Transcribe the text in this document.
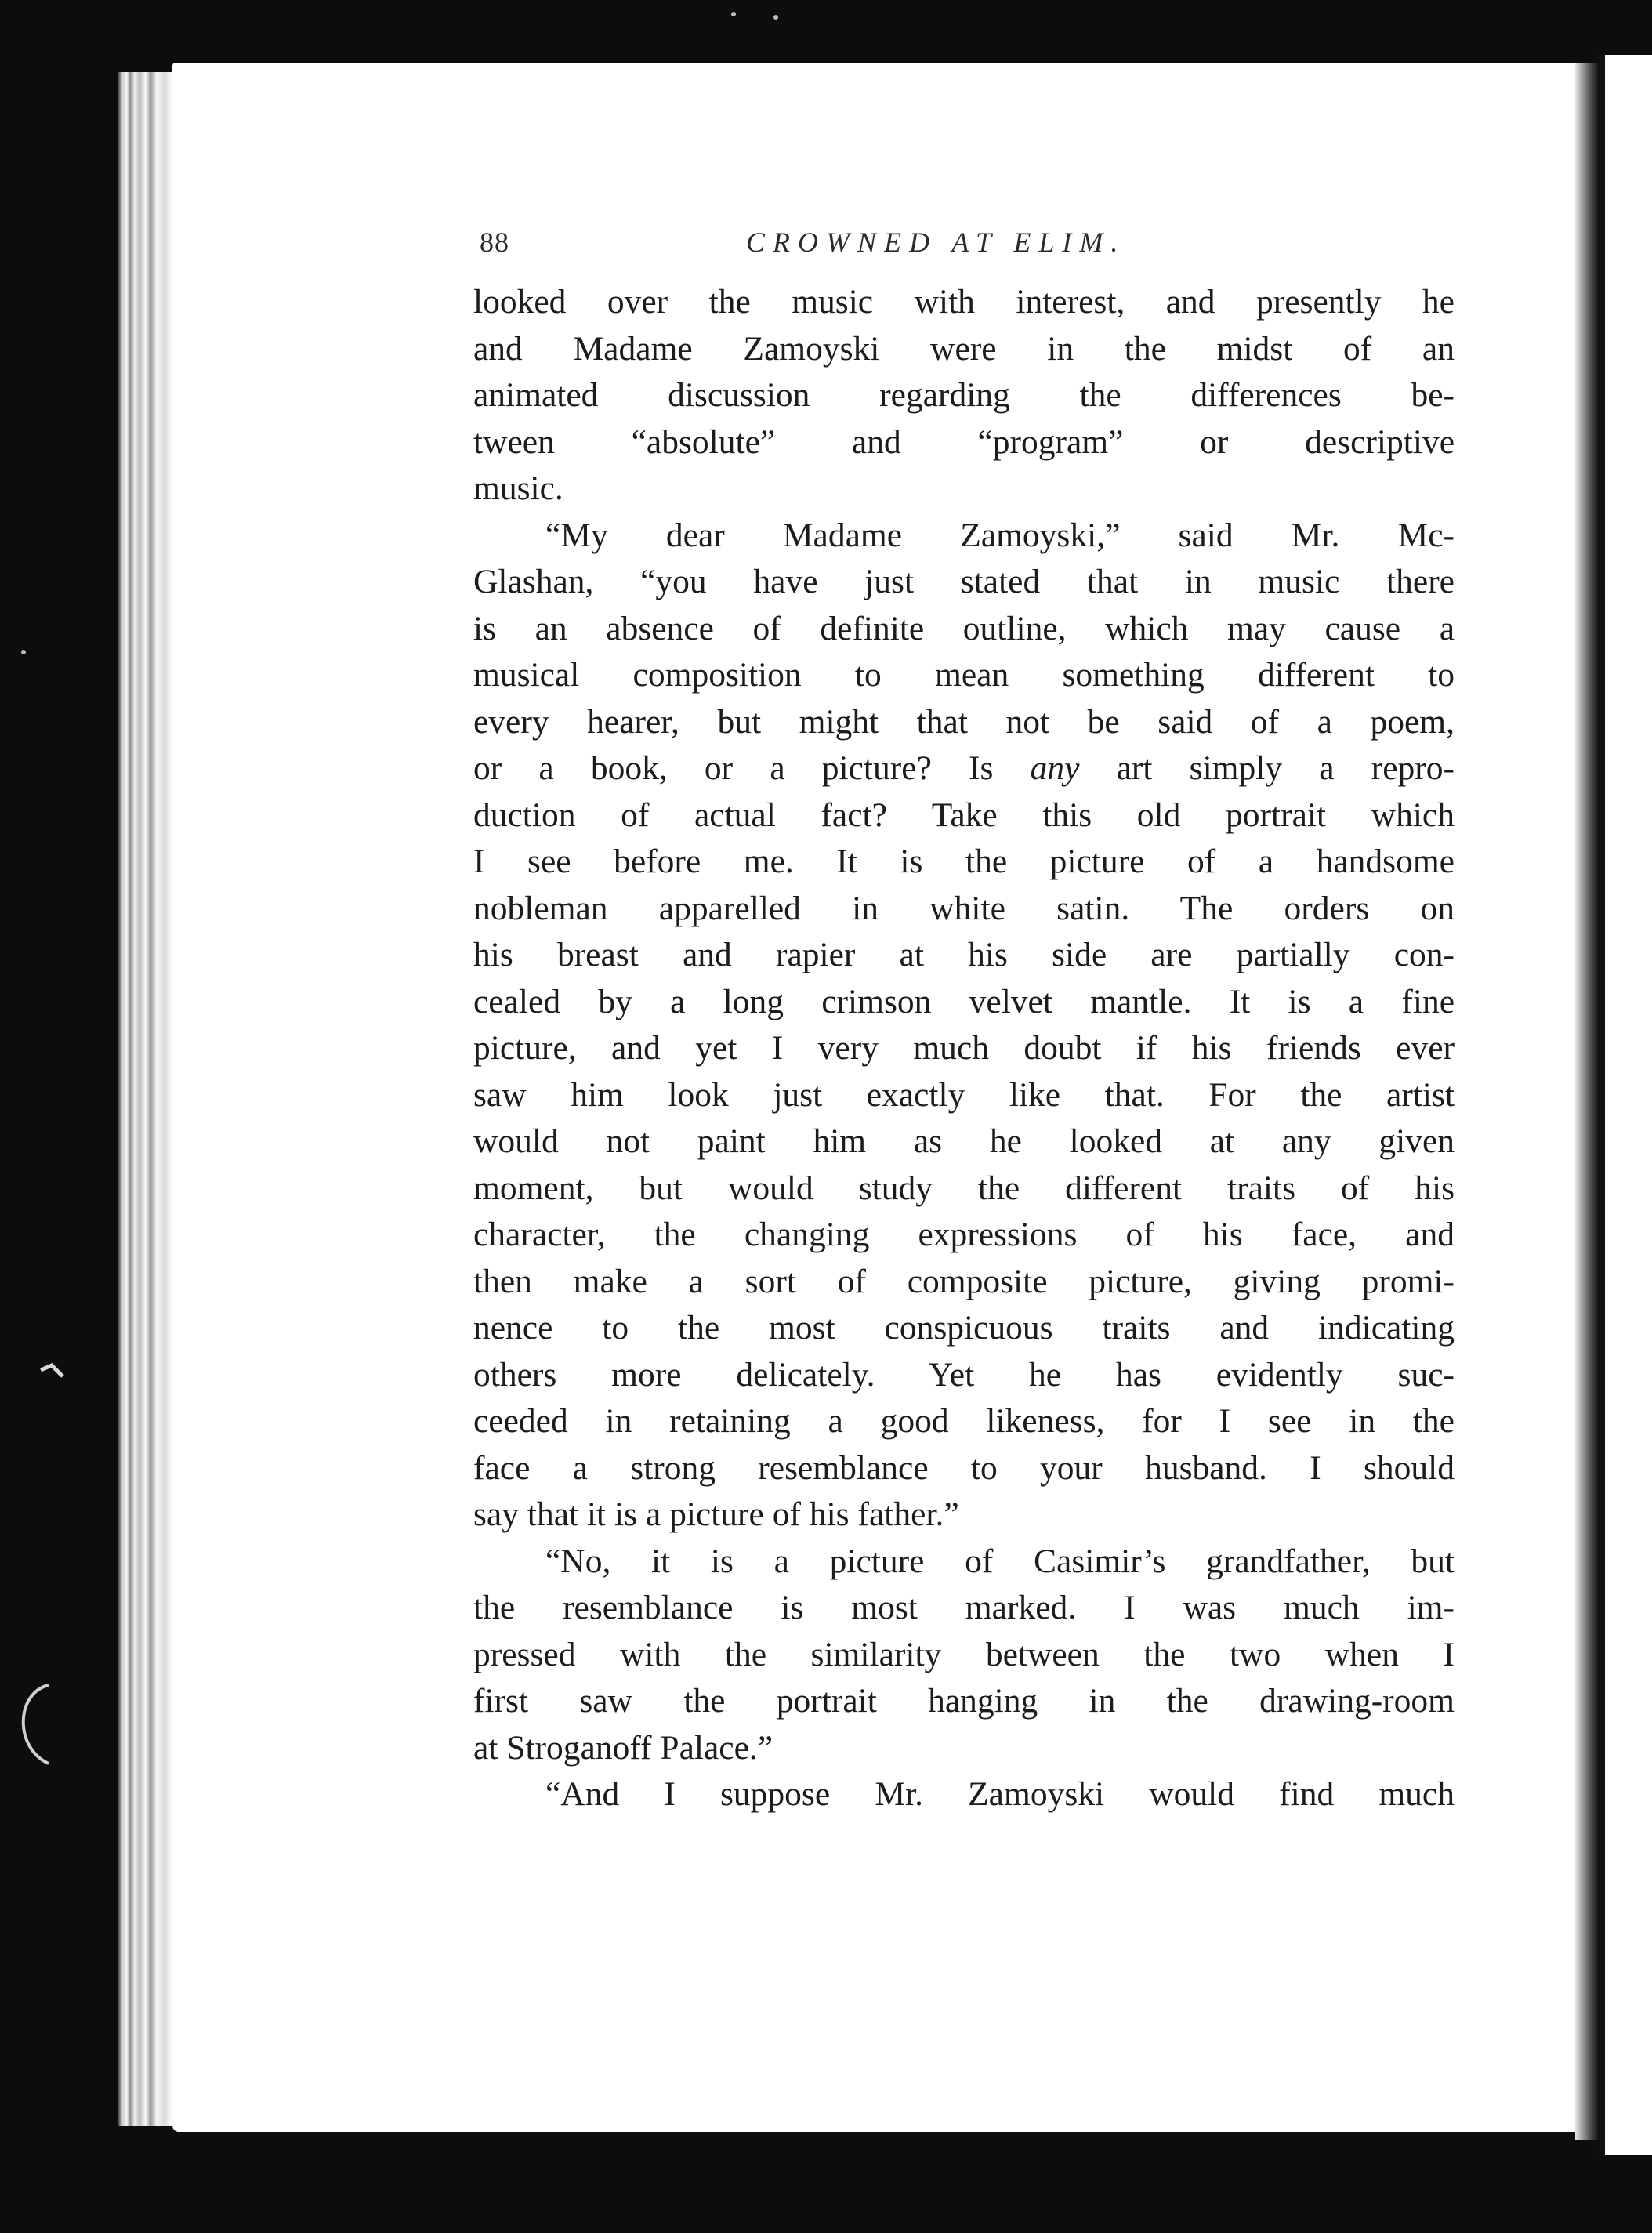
88	CROWNED AT ELIM.
looked over the music with interest, and presently he
and Madame Zamoyski were in the midst of an
animated discussion regarding the differences be-
tween “absolute” and “program” or descriptive
music.
“My dear Madame Zamoyski,” said Mr. Mc-
Glashan, “you have just stated that in music there
is an absence of definite outline, which may cause a
musical composition to mean something different to
every hearer, but might that not be said of a poem,
or a book, or a picture? Is any art simply a repro-
duction of actual fact? Take this old portrait which
I see before me. It is the picture of a handsome
nobleman apparelled in white satin. The orders on
his breast and rapier at his side are partially con-
cealed by a long crimson velvet mantle. It is a fine
picture, and yet I very much doubt if his friends ever
saw him look just exactly like that. For the artist
would not paint him as he looked at any given
moment, but would study the different traits of his
character, the changing expressions of his face, and
then make a sort of composite picture, giving promi-
nence to the most conspicuous traits and indicating
others more delicately. Yet he has evidently suc-
ceeded in retaining a good likeness, for I see in the
face a strong resemblance to your husband. I should
say that it is a picture of his father.”
“No, it is a picture of Casimir’s grandfather, but
the resemblance is most marked. I was much im-
pressed with the similarity between the two when I
first saw the portrait hanging in the drawing-room
at Stroganoff Palace.”
“And I suppose Mr. Zamoyski would find much
